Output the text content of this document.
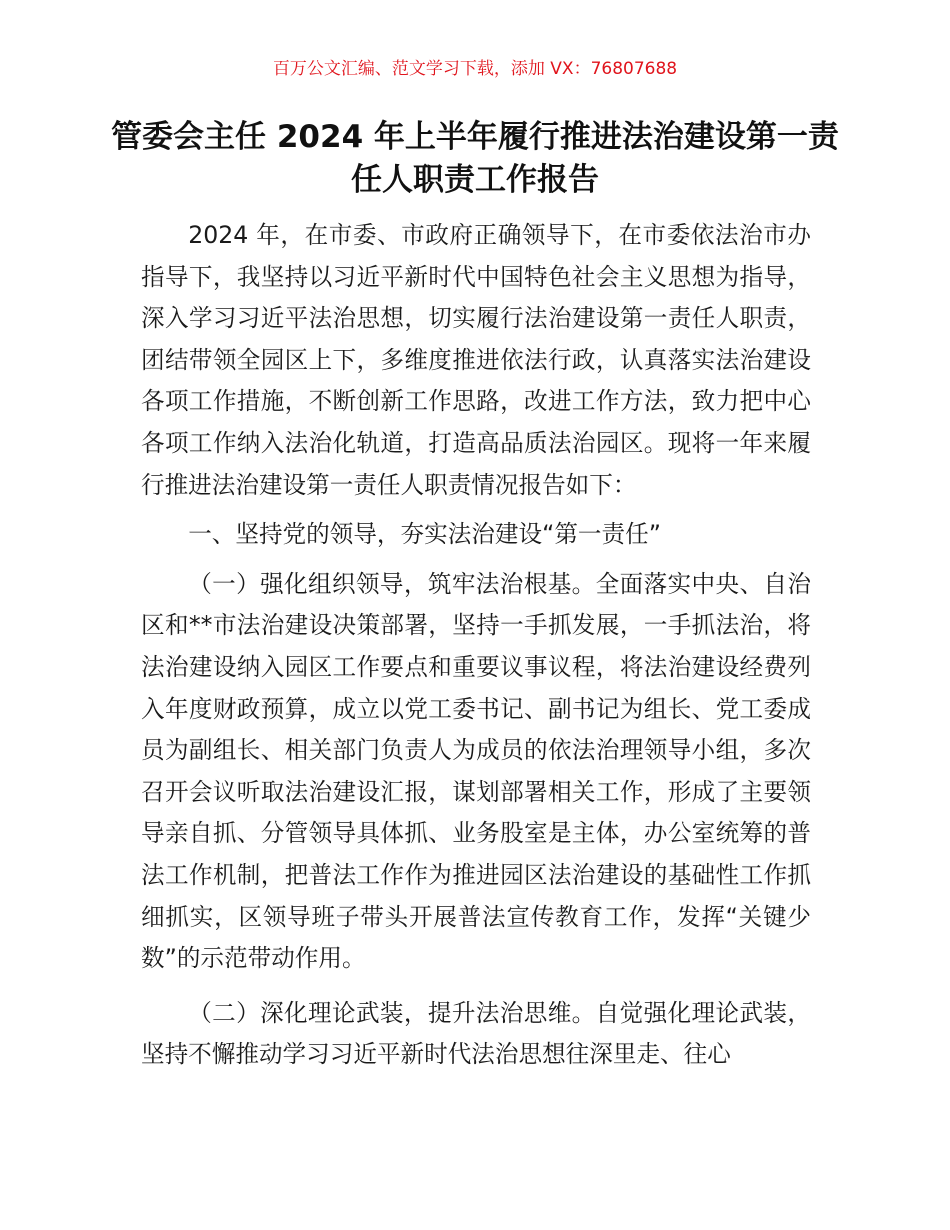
百万公文汇编、范文学习下载，添加 VX：76807688
管委会主任 2024 年上半年履行推进法治建设第一责任人职责工作报告

2024 年，在市委、市政府正确领导下，在市委依法治市办指导下，我坚持以习近平新时代中国特色社会主义思想为指导，深入学习习近平法治思想，切实履行法治建设第一责任人职责，团结带领全园区上下，多维度推进依法行政，认真落实法治建设各项工作措施，不断创新工作思路，改进工作方法，致力把中心各项工作纳入法治化轨道，打造高品质法治园区。现将一年来履行推进法治建设第一责任人职责情况报告如下：

一、坚持党的领导，夯实法治建设“第一责任”

（一）强化组织领导，筑牢法治根基。全面落实中央、自治区和**市法治建设决策部署，坚持一手抓发展，一手抓法治，将法治建设纳入园区工作要点和重要议事议程，将法治建设经费列入年度财政预算，成立以党工委书记、副书记为组长、党工委成员为副组长、相关部门负责人为成员的依法治理领导小组，多次召开会议听取法治建设汇报，谋划部署相关工作，形成了主要领导亲自抓、分管领导具体抓、业务股室是主体，办公室统筹的普法工作机制，把普法工作作为推进园区法治建设的基础性工作抓细抓实，区领导班子带头开展普法宣传教育工作，发挥“关键少数”的示范带动作用。

（二）深化理论武装，提升法治思维。自觉强化理论武装，坚持不懈推动学习习近平新时代法治思想往深里走、往心
